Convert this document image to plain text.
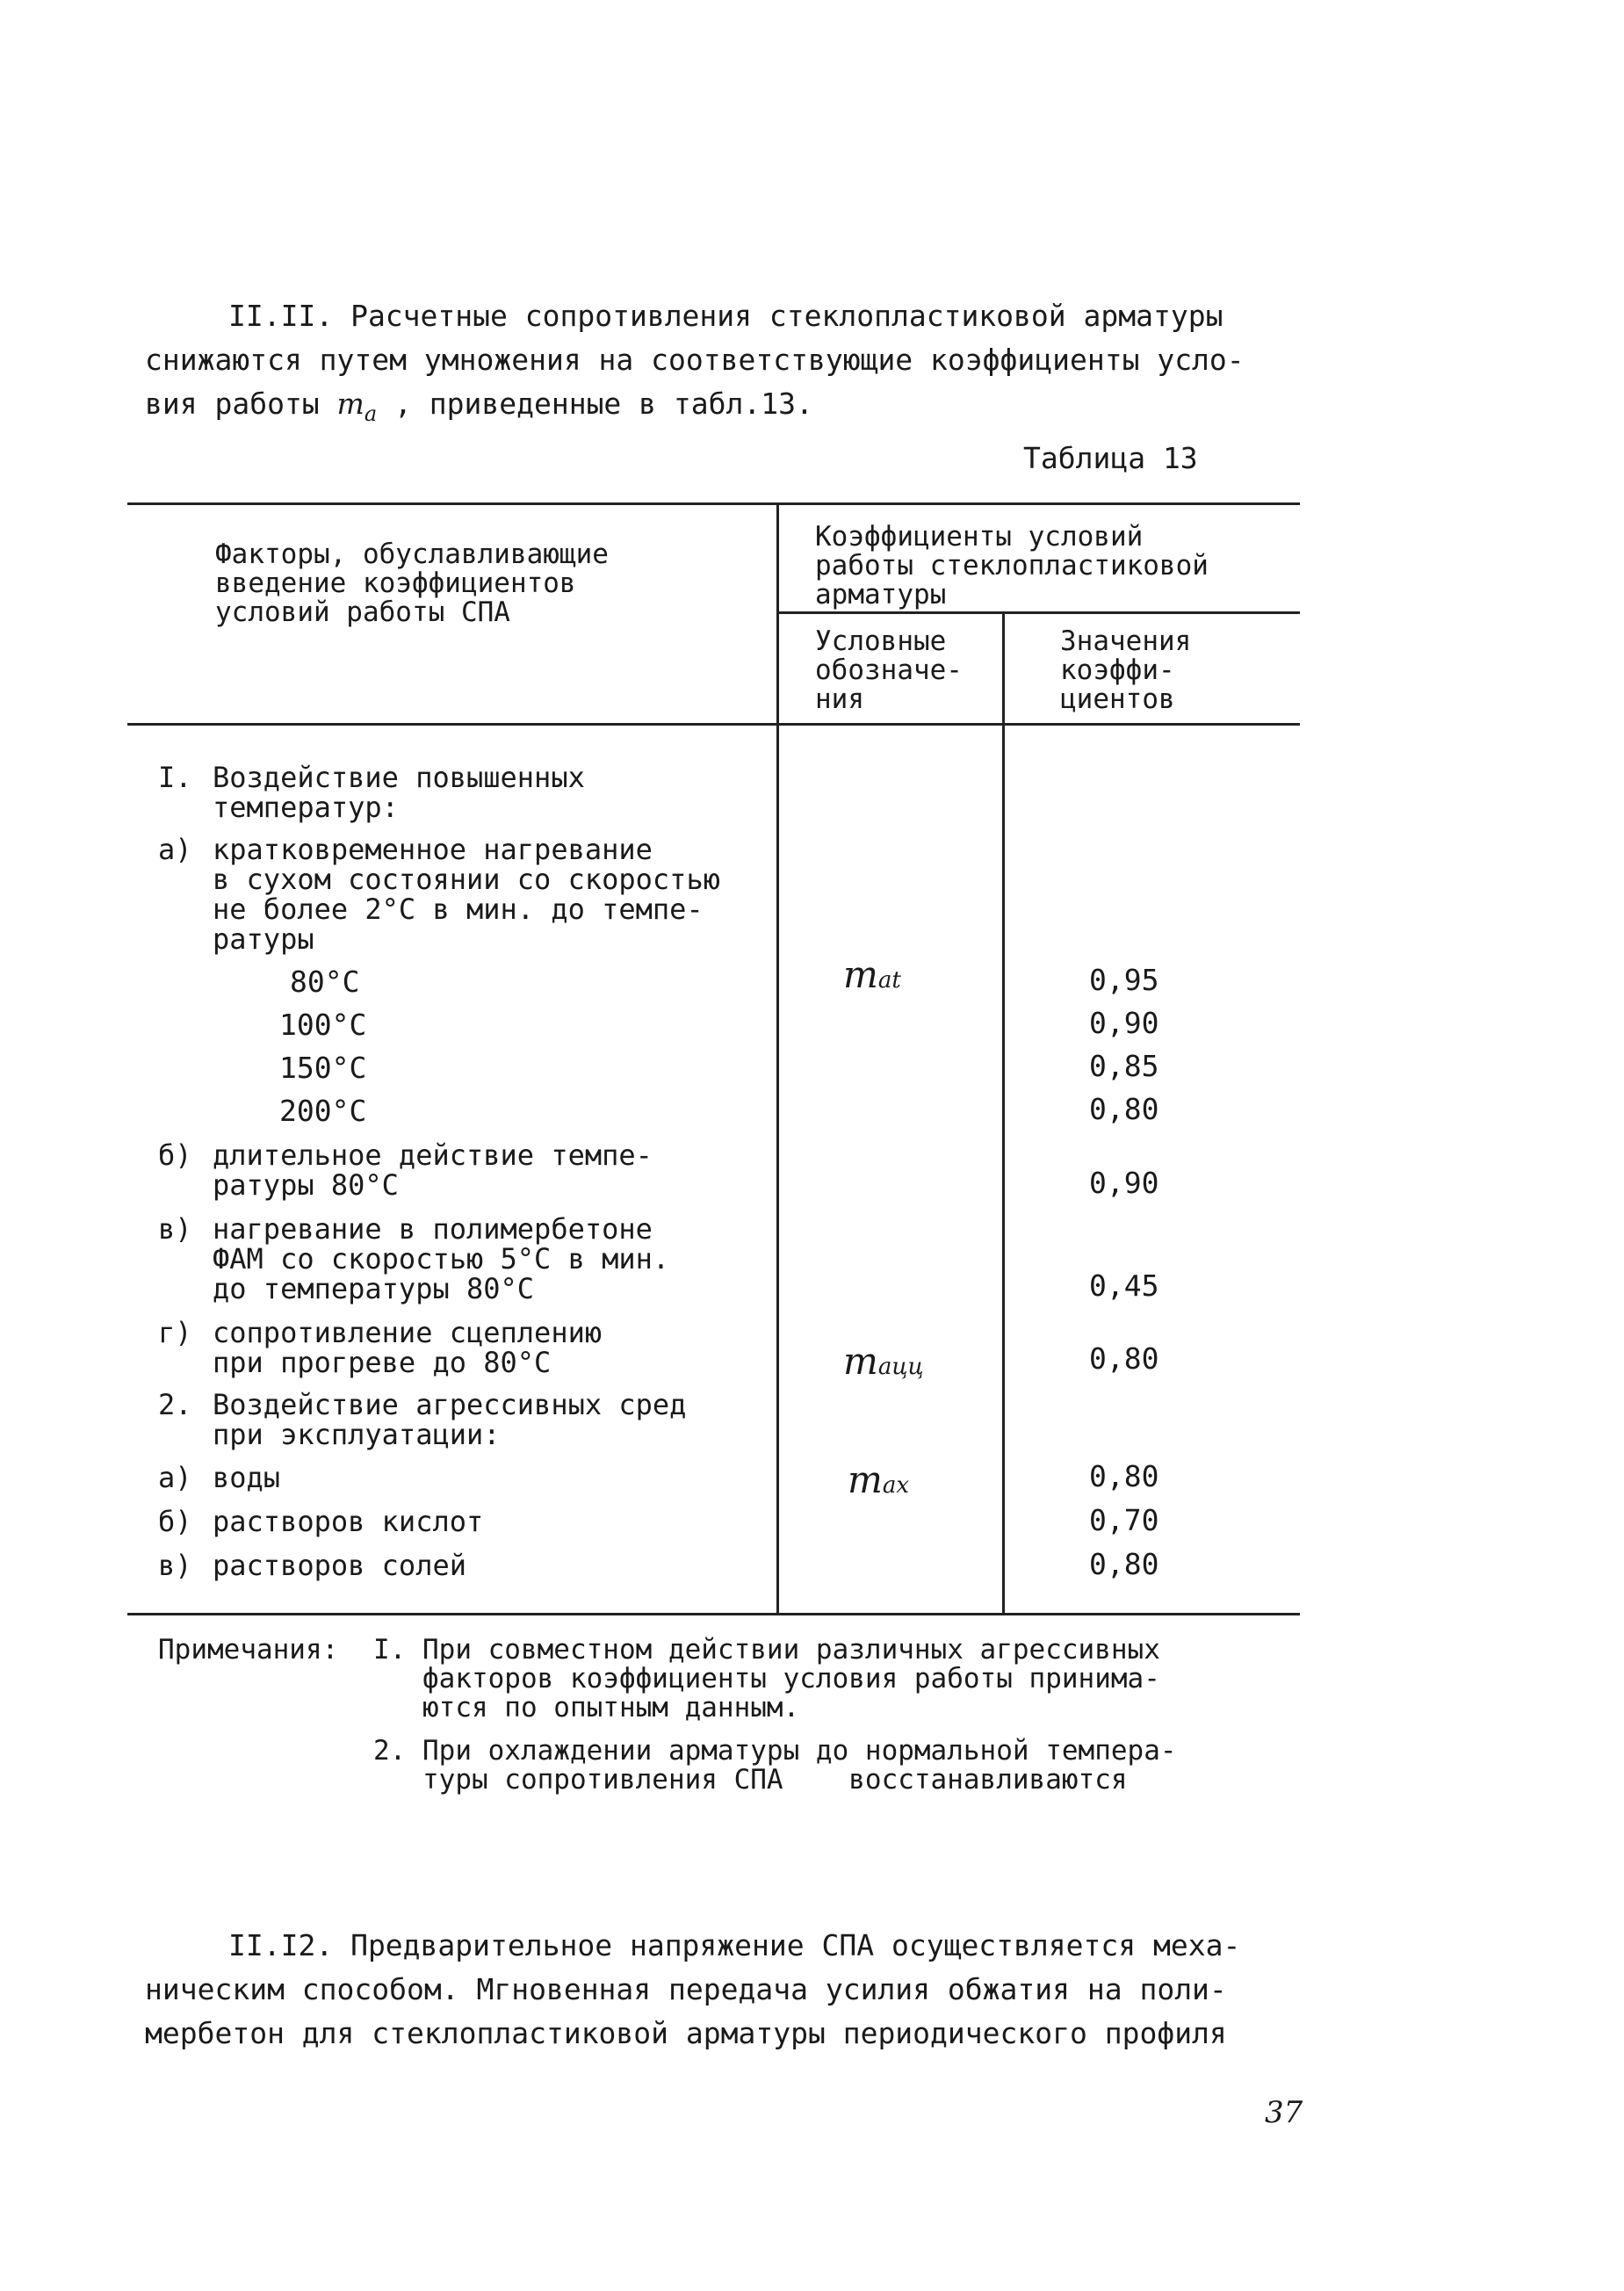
II.II. Расчетные сопротивления стеклопластиковой арматуры
снижаются путем умножения на соответствующие коэффициенты усло-
вия работы $m_a$ , приведенные в табл.13.
Таблица 13
Факторы, обуславливающие
введение коэффициентов
условий работы СПА
Коэффициенты условий
работы стеклопластиковой
арматуры
Условные
обозначе-
ния
Значения
коэффи-
циентов
I. Воздействие повышенных
температур:
а) кратковременное нагревание
в сухом состоянии со скоростью
не более 2°С в мин. до темпе-
ратуры
80°С
100°С
150°С
200°С
б) длительное действие темпе-
ратуры 80°С
в) нагревание в полимербетоне
ФАМ со скоростью 5°С в мин.
до температуры 80°С
г) сопротивление сцеплению
при прогреве до 80°С
2. Воздействие агрессивных сред
при эксплуатации:
а) воды
б) растворов кислот
в) растворов солей
mat
mацц
max
0,95
0,90
0,85
0,80
0,90
0,45
0,80
0,80
0,70
0,80
Примечания: I. При совместном действии различных агрессивных
факторов коэффициенты условия работы принима-
ются по опытным данным.
2. При охлаждении арматуры до нормальной темпера-
туры сопротивления СПА    восстанавливаются
II.I2. Предварительное напряжение СПА осуществляется меха-
ническим способом. Мгновенная передача усилия обжатия на поли-
мербетон для стеклопластиковой арматуры периодического профиля
37
